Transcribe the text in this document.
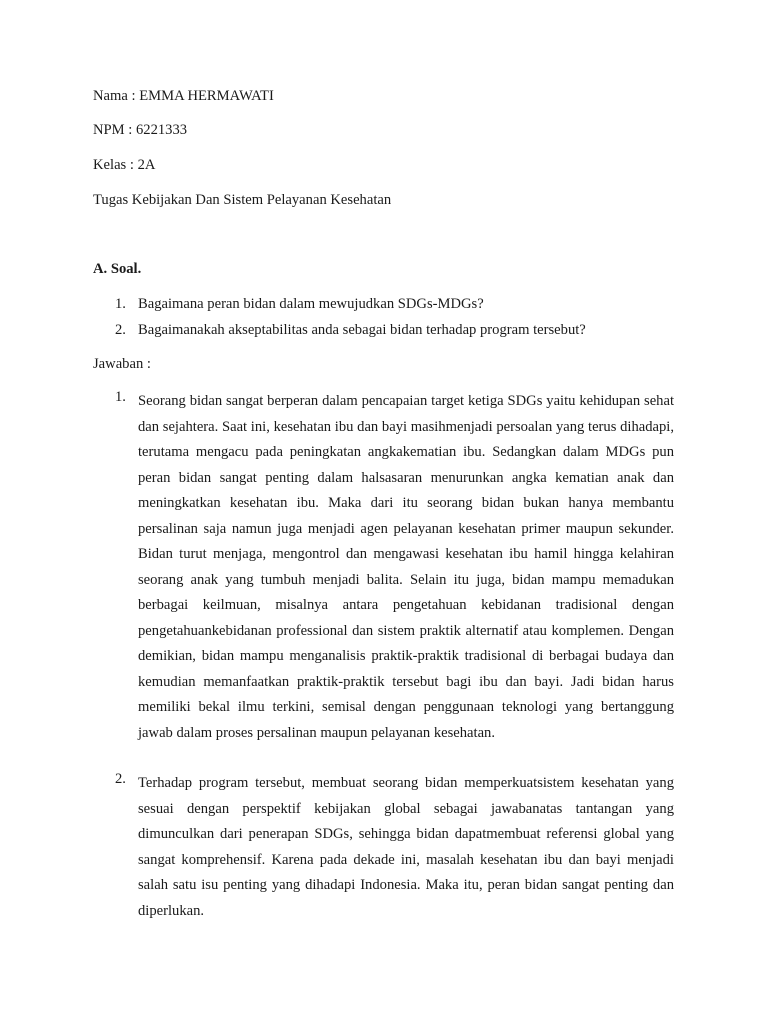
Nama : EMMA HERMAWATI
NPM : 6221333
Kelas : 2A
Tugas Kebijakan Dan Sistem Pelayanan Kesehatan
A. Soal.
1. Bagaimana peran bidan dalam mewujudkan SDGs-MDGs?
2. Bagaimanakah akseptabilitas anda sebagai bidan terhadap program tersebut?
Jawaban :
1. Seorang bidan sangat berperan dalam pencapaian target ketiga SDGs yaitu kehidupan sehat dan sejahtera. Saat ini, kesehatan ibu dan bayi masihmenjadi persoalan yang terus dihadapi, terutama mengacu pada peningkatan angkakematian ibu. Sedangkan dalam MDGs pun peran bidan sangat penting dalam halsasaran menurunkan angka kematian anak dan meningkatkan kesehatan ibu. Maka dari itu seorang bidan bukan hanya membantu persalinan saja namun juga menjadi agen pelayanan kesehatan primer maupun sekunder. Bidan turut menjaga, mengontrol dan mengawasi kesehatan ibu hamil hingga kelahiran seorang anak yang tumbuh menjadi balita. Selain itu juga, bidan mampu memadukan berbagai keilmuan, misalnya antara pengetahuan kebidanan tradisional dengan pengetahuankebidanan professional dan sistem praktik alternatif atau komplemen. Dengan demikian, bidan mampu menganalisis praktik-praktik tradisional di berbagai budaya dan kemudian memanfaatkan praktik-praktik tersebut bagi ibu dan bayi. Jadi bidan harus memiliki bekal ilmu terkini, semisal dengan penggunaan teknologi yang bertanggung jawab dalam proses persalinan maupun pelayanan kesehatan.
2. Terhadap program tersebut, membuat seorang bidan memperkuatsistem kesehatan yang sesuai dengan perspektif kebijakan global sebagai jawabanatas tantangan yang dimunculkan dari penerapan SDGs, sehingga bidan dapatmembuat referensi global yang sangat komprehensif. Karena pada dekade ini, masalah kesehatan ibu dan bayi menjadi salah satu isu penting yang dihadapi Indonesia. Maka itu, peran bidan sangat penting dan diperlukan.
